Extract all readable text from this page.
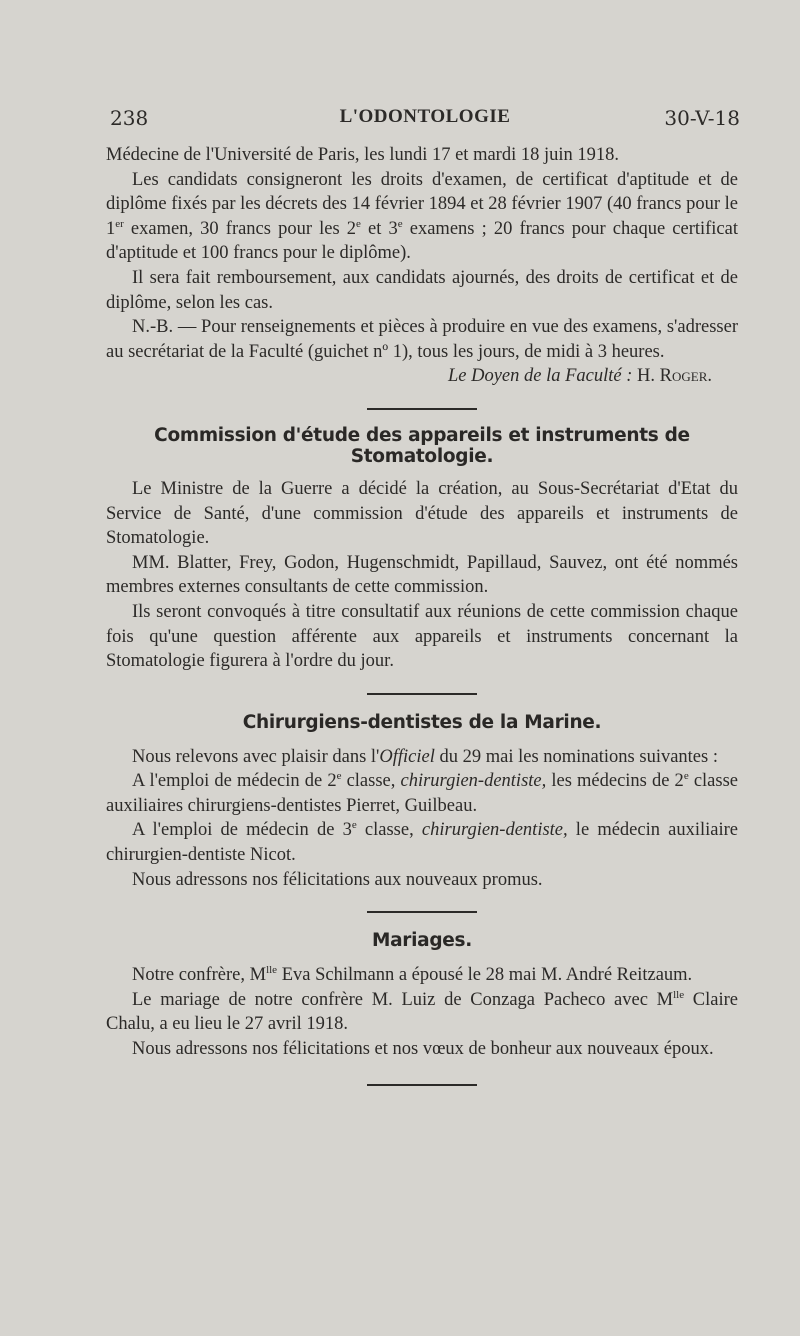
238	L'ODONTOLOGIE	30-V-18

Médecine de l'Université de Paris, les lundi 17 et mardi 18 juin 1918.

Les candidats consigneront les droits d'examen, de certificat d'aptitude et de diplôme fixés par les décrets des 14 février 1894 et 28 février 1907 (40 francs pour le 1er examen, 30 francs pour les 2e et 3e examens ; 20 francs pour chaque certificat d'aptitude et 100 francs pour le diplôme).

Il sera fait remboursement, aux candidats ajournés, des droits de certificat et de diplôme, selon les cas.

N.-B. — Pour renseignements et pièces à produire en vue des examens, s'adresser au secrétariat de la Faculté (guichet nº 1), tous les jours, de midi à 3 heures.

Le Doyen de la Faculté : H. Roger.

Commission d'étude des appareils et instruments de Stomatologie.

Le Ministre de la Guerre a décidé la création, au Sous-Secrétariat d'Etat du Service de Santé, d'une commission d'étude des appareils et instruments de Stomatologie.

MM. Blatter, Frey, Godon, Hugenschmidt, Papillaud, Sauvez, ont été nommés membres externes consultants de cette commission.

Ils seront convoqués à titre consultatif aux réunions de cette commission chaque fois qu'une question afférente aux appareils et instruments concernant la Stomatologie figurera à l'ordre du jour.

Chirurgiens-dentistes de la Marine.

Nous relevons avec plaisir dans l'Officiel du 29 mai les nominations suivantes :

A l'emploi de médecin de 2e classe, chirurgien-dentiste, les médecins de 2e classe auxiliaires chirurgiens-dentistes Pierret, Guilbeau.

A l'emploi de médecin de 3e classe, chirurgien-dentiste, le médecin auxiliaire chirurgien-dentiste Nicot.

Nous adressons nos félicitations aux nouveaux promus.

Mariages.

Notre confrère, $M^{lle}$ Eva Schilmann a épousé le 28 mai M. André Reitzaum.

Le mariage de notre confrère M. Luiz de Conzaga Pacheco avec $M^{lle}$ Claire Chalu, a eu lieu le 27 avril 1918.

Nous adressons nos félicitations et nos vœux de bonheur aux nouveaux époux.
